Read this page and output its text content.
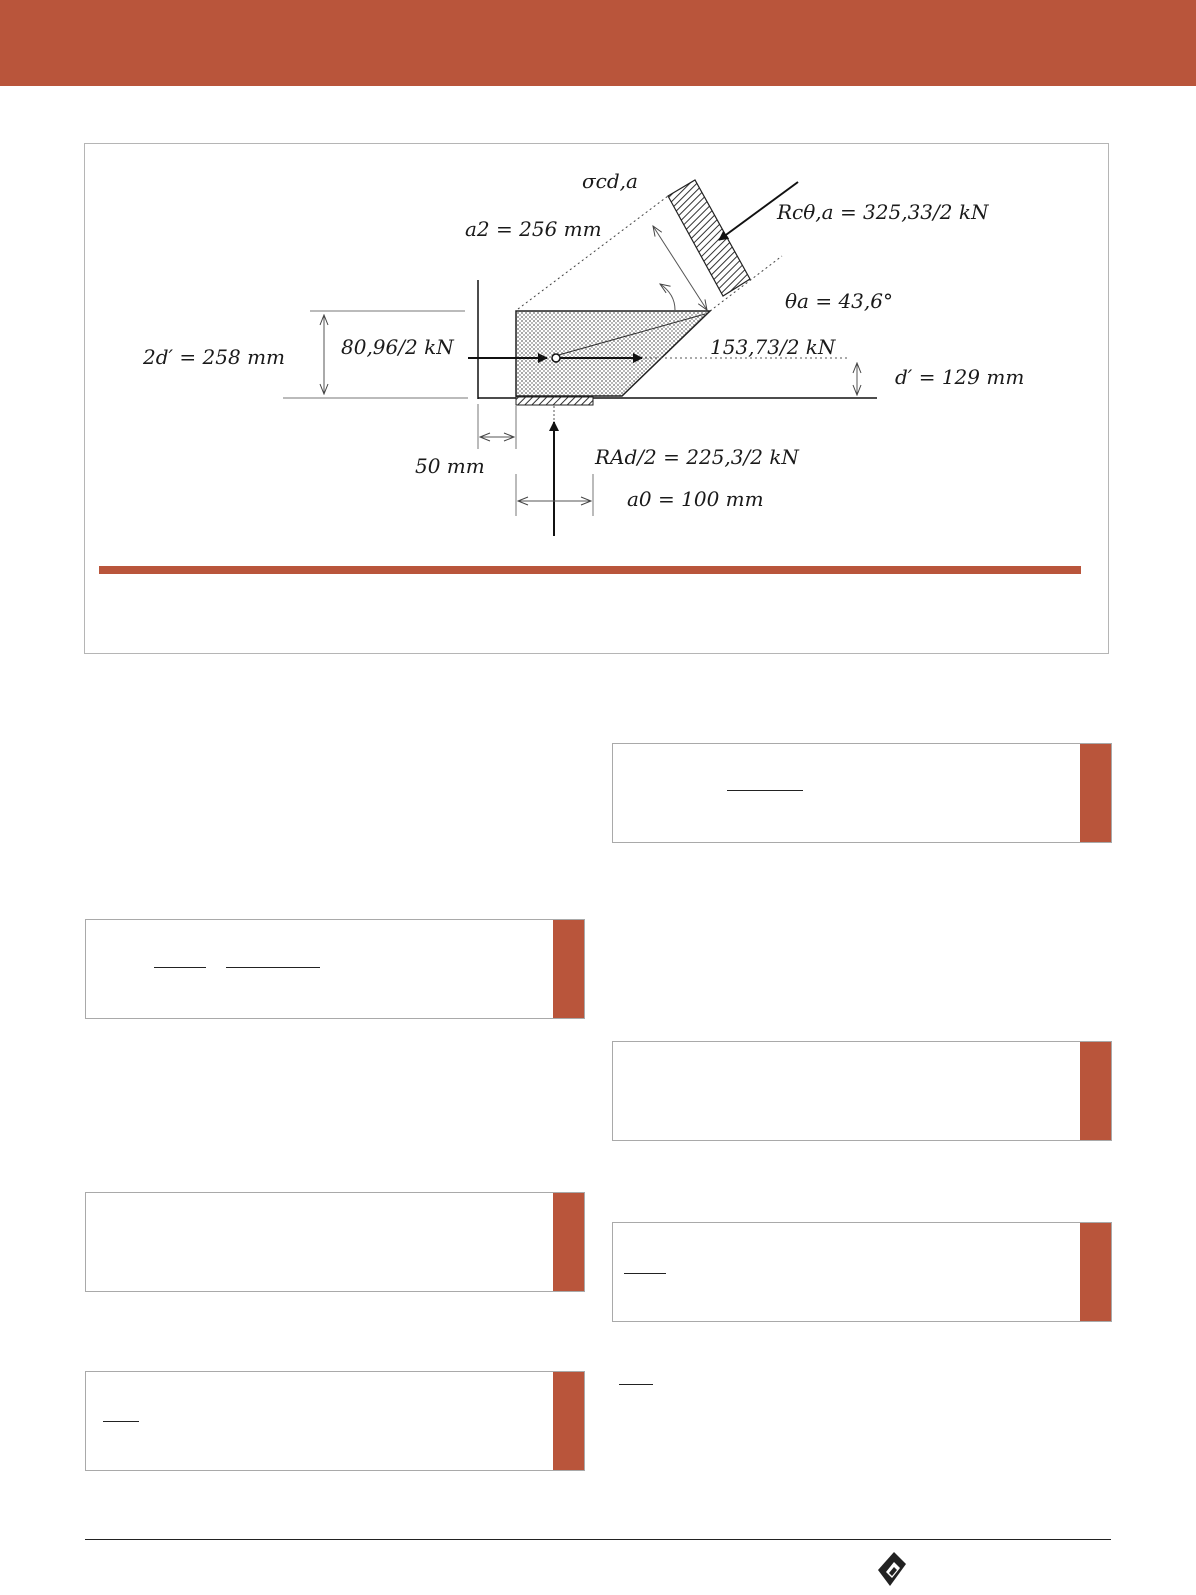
σcd,a
a2 = 256 mm
Rcθ,a = 325,33/2 kN
θa = 43,6°
2d′ = 258 mm	80,96/2 kN	153,73/2 kN
d′ = 129 mm
50 mm	RAd/2 = 225,3/2 kN
a0 = 100 mm
